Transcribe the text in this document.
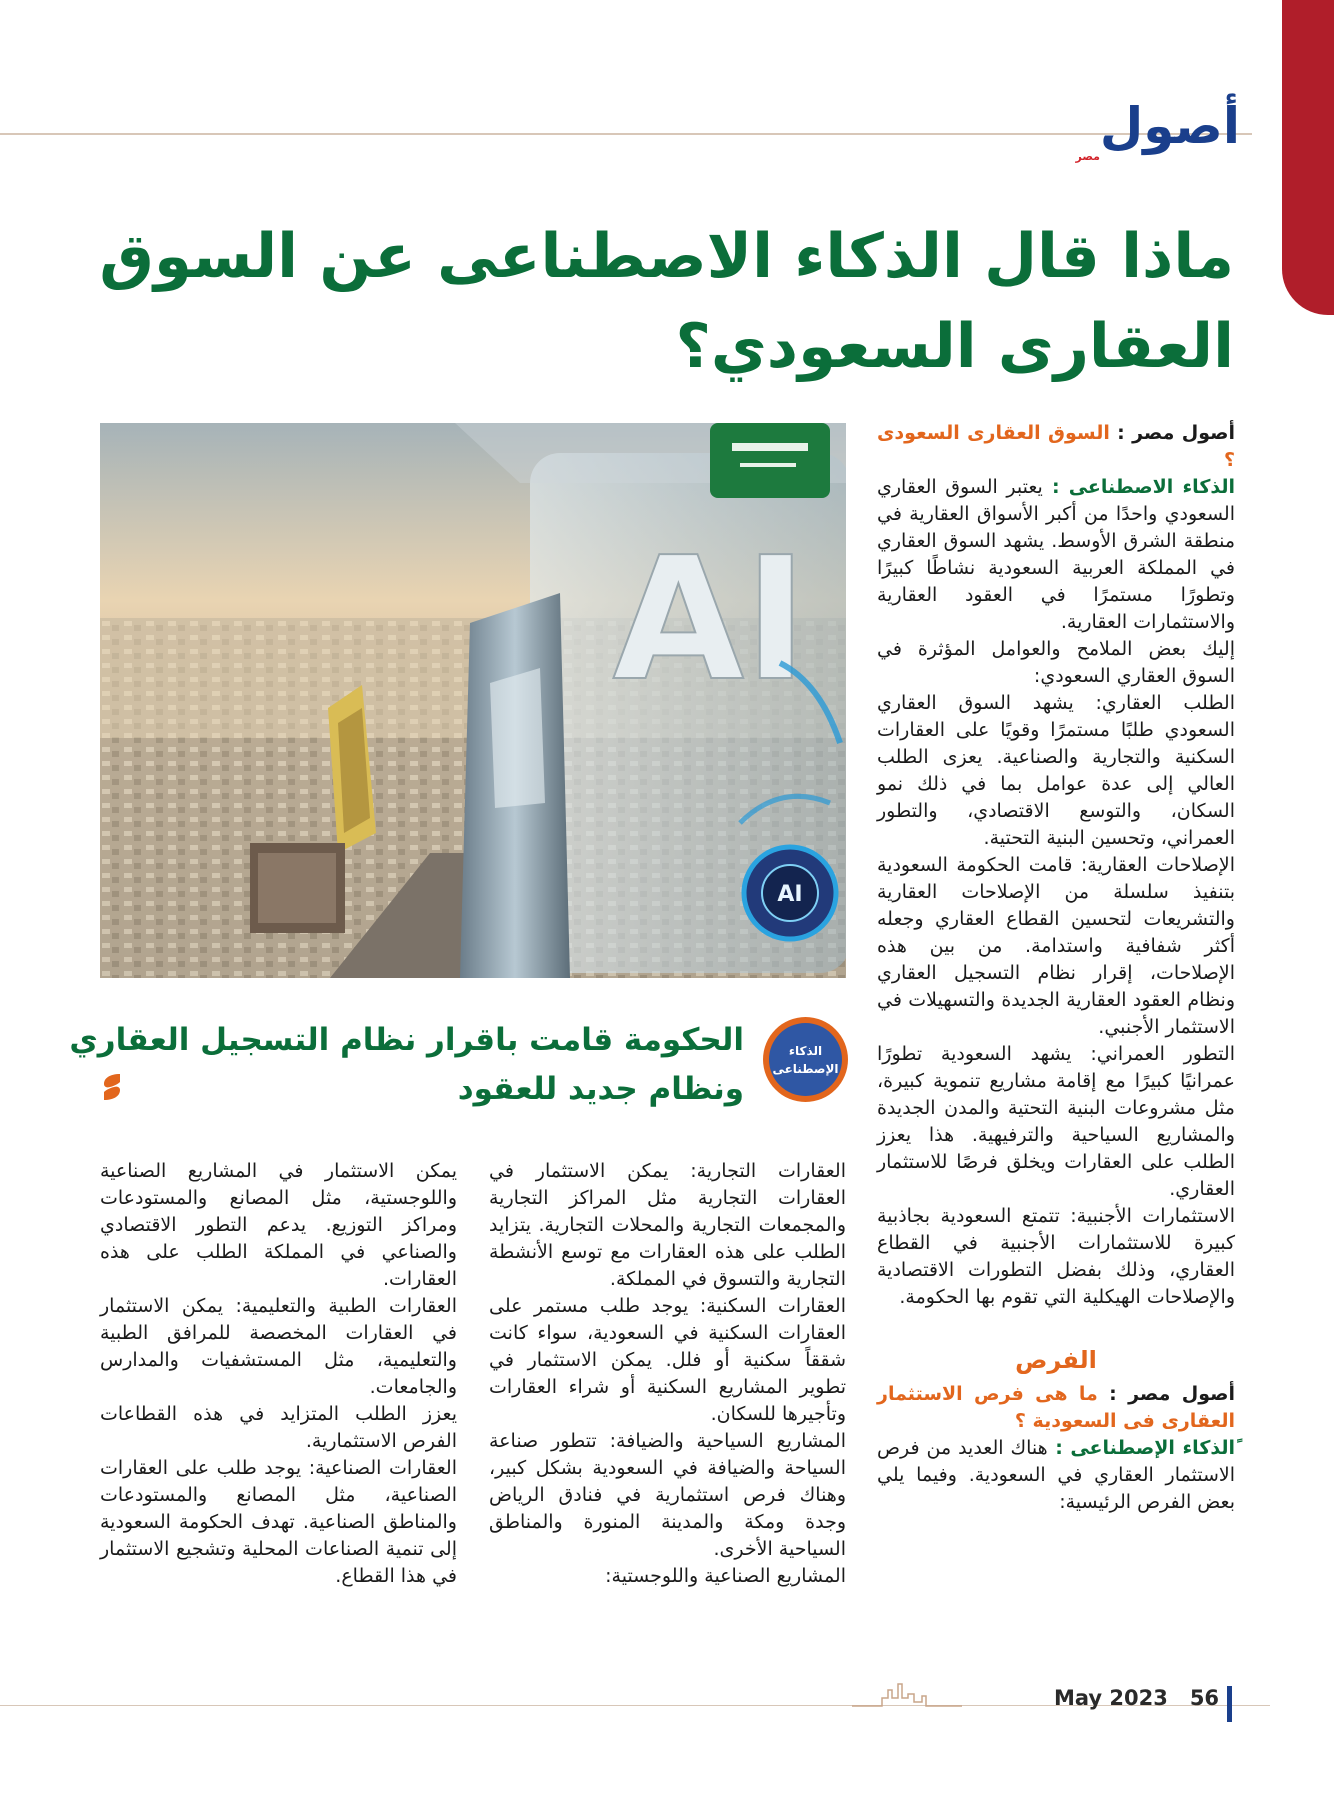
أصول
مصر
ماذا قال الذكاء الاصطناعى عن السوق
العقارى السعودي؟

أصول مصر : السوق العقارى السعودى ؟

الذكاء الاصطناعى : يعتبر السوق العقاري السعودي واحدًا من أكبر الأسواق العقارية في منطقة الشرق الأوسط. يشهد السوق العقاري في المملكة العربية السعودية نشاطًا كبيرًا وتطورًا مستمرًا في العقود العقارية والاستثمارات العقارية.

إليك بعض الملامح والعوامل المؤثرة في السوق العقاري السعودي:

الطلب العقاري: يشهد السوق العقاري السعودي طلبًا مستمرًا وقويًا على العقارات السكنية والتجارية والصناعية. يعزى الطلب العالي إلى عدة عوامل بما في ذلك نمو السكان، والتوسع الاقتصادي، والتطور العمراني، وتحسين البنية التحتية.

الإصلاحات العقارية: قامت الحكومة السعودية بتنفيذ سلسلة من الإصلاحات العقارية والتشريعات لتحسين القطاع العقاري وجعله أكثر شفافية واستدامة. من بين هذه الإصلاحات، إقرار نظام التسجيل العقاري ونظام العقود العقارية الجديدة والتسهيلات في الاستثمار الأجنبي.

التطور العمراني: يشهد السعودية تطورًا عمرانيًا كبيرًا مع إقامة مشاريع تنموية كبيرة، مثل مشروعات البنية التحتية والمدن الجديدة والمشاريع السياحية والترفيهية. هذا يعزز الطلب على العقارات ويخلق فرصًا للاستثمار العقاري.

الاستثمارات الأجنبية: تتمتع السعودية بجاذبية كبيرة للاستثمارات الأجنبية في القطاع العقاري، وذلك بفضل التطورات الاقتصادية والإصلاحات الهيكلية التي تقوم بها الحكومة.

الفرص

أصول مصر : ما هى فرص الاستثمار العقارى فى السعودية ؟

ًالذكاء الإصطناعى : هناك العديد من فرص الاستثمار العقاري في السعودية. وفيما يلي بعض الفرص الرئيسية:

AI
AI
الذكاء
الإصطناعى
الحكومة قامت باقرار نظام التسجيل العقاري
ونظام جديد للعقود

العقارات التجارية: يمكن الاستثمار في العقارات التجارية مثل المراكز التجارية والمجمعات التجارية والمحلات التجارية. يتزايد الطلب على هذه العقارات مع توسع الأنشطة التجارية والتسوق في المملكة.

العقارات السكنية: يوجد طلب مستمر على العقارات السكنية في السعودية، سواء كانت شققاً سكنية أو فلل. يمكن الاستثمار في تطوير المشاريع السكنية أو شراء العقارات وتأجيرها للسكان.

المشاريع السياحية والضيافة: تتطور صناعة السياحة والضيافة في السعودية بشكل كبير، وهناك فرص استثمارية في فنادق الرياض وجدة ومكة والمدينة المنورة والمناطق السياحية الأخرى.

المشاريع الصناعية واللوجستية:

يمكن الاستثمار في المشاريع الصناعية واللوجستية، مثل المصانع والمستودعات ومراكز التوزيع. يدعم التطور الاقتصادي والصناعي في المملكة الطلب على هذه العقارات.

العقارات الطبية والتعليمية: يمكن الاستثمار في العقارات المخصصة للمرافق الطبية والتعليمية، مثل المستشفيات والمدارس والجامعات.

يعزز الطلب المتزايد في هذه القطاعات الفرص الاستثمارية.

العقارات الصناعية: يوجد طلب على العقارات الصناعية، مثل المصانع والمستودعات والمناطق الصناعية. تهدف الحكومة السعودية إلى تنمية الصناعات المحلية وتشجيع الاستثمار في هذا القطاع.

May 2023 56
